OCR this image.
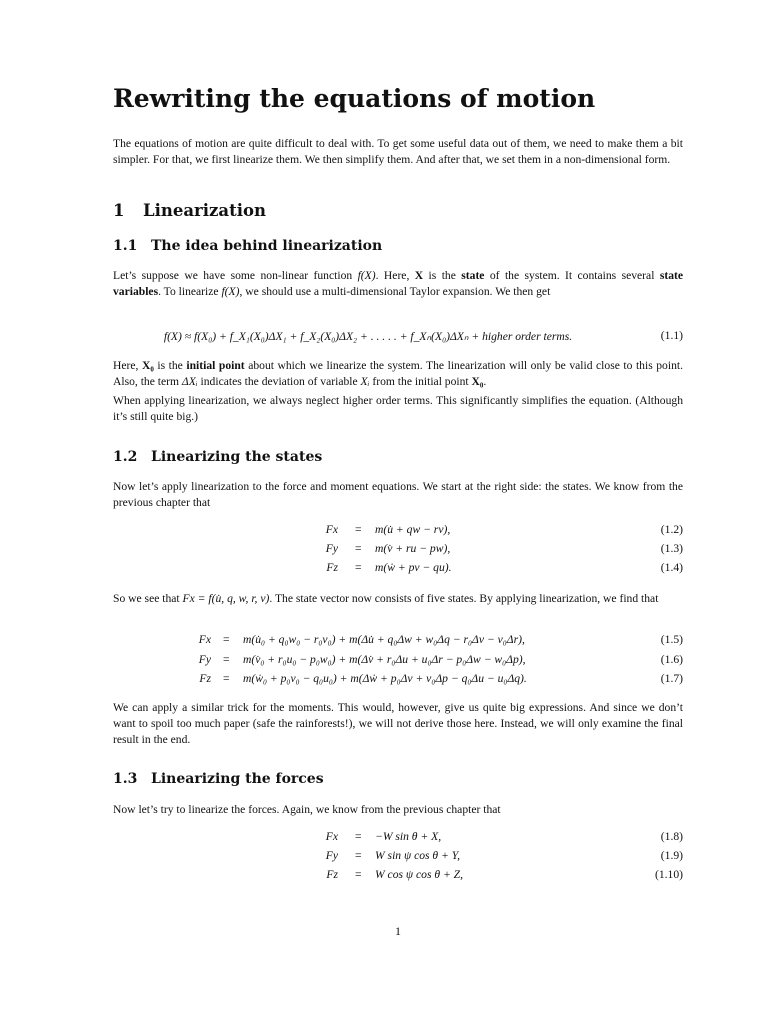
Rewriting the equations of motion

The equations of motion are quite difficult to deal with. To get some useful data out of them, we need to make them a bit simpler. For that, we first linearize them. We then simplify them. And after that, we set them in a non-dimensional form.

1 Linearization
1.1 The idea behind linearization

Let’s suppose we have some non-linear function f(X). Here, X is the state of the system. It contains several state variables. To linearize f(X), we should use a multi-dimensional Taylor expansion. We then get

f(X) ≈ f(X₀) + f_X₁(X₀)ΔX₁ + f_X₂(X₀)ΔX₂ + . . . . . + f_Xₙ(X₀)ΔXₙ + higher order terms.	(1.1)

Here, X₀ is the initial point about which we linearize the system. The linearization will only be valid close to this point. Also, the term ΔXᵢ indicates the deviation of variable Xᵢ from the initial point X₀.

When applying linearization, we always neglect higher order terms. This significantly simplifies the equation. (Although it’s still quite big.)

1.2 Linearizing the states

Now let’s apply linearization to the force and moment equations. We start at the right side: the states. We know from the previous chapter that

Fx = m(u̇ + qw − rv),	(1.2)
Fy = m(v̇ + ru − pw),	(1.3)
Fz = m(ẇ + pv − qu).	(1.4)

So we see that Fx = f(u̇, q, w, r, v). The state vector now consists of five states. By applying linearization, we find that

Fx = m(u̇₀ + q₀w₀ − r₀v₀) + m(Δu̇ + q₀Δw + w₀Δq − r₀Δv − v₀Δr),	(1.5)
Fy = m(v̇₀ + r₀u₀ − p₀w₀) + m(Δv̇ + r₀Δu + u₀Δr − p₀Δw − w₀Δp),	(1.6)
Fz = m(ẇ₀ + p₀v₀ − q₀u₀) + m(Δẇ + p₀Δv + v₀Δp − q₀Δu − u₀Δq).	(1.7)

We can apply a similar trick for the moments. This would, however, give us quite big expressions. And since we don’t want to spoil too much paper (safe the rainforests!), we will not derive those here. Instead, we will only examine the final result in the end.

1.3 Linearizing the forces

Now let’s try to linearize the forces. Again, we know from the previous chapter that

Fx = −W sin θ + X,	(1.8)
Fy = W sin ψ cos θ + Y,	(1.9)
Fz = W cos ψ cos θ + Z,	(1.10)
1
